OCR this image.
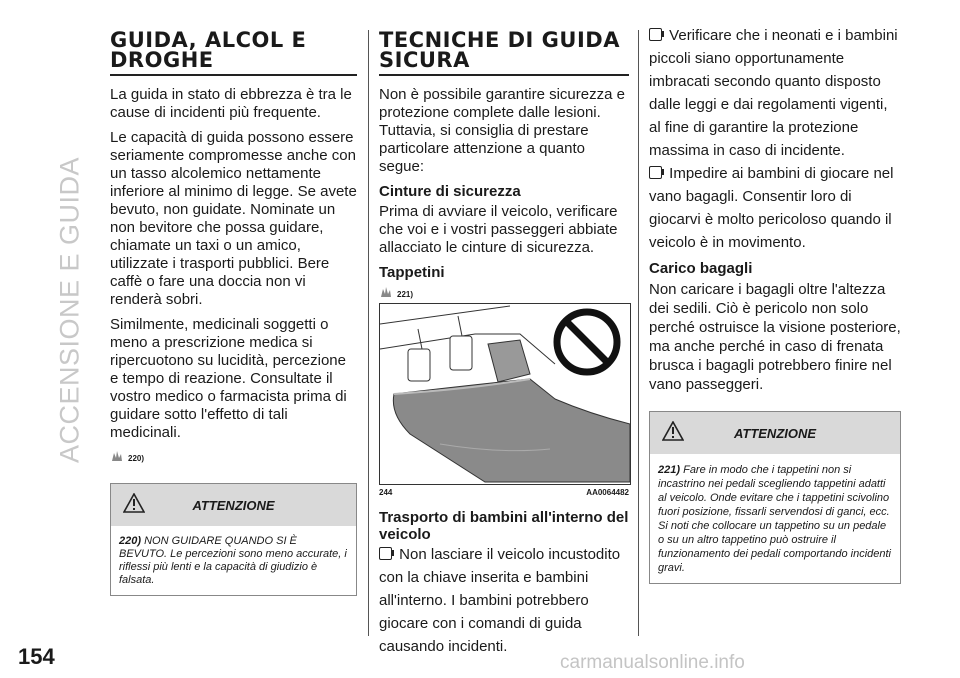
ACCENSIONE E GUIDA
154	carmanualsonline.info
GUIDA, ALCOL E DROGHE

La guida in stato di ebbrezza è tra le cause di incidenti più frequente.

Le capacità di guida possono essere seriamente compromesse anche con un tasso alcolemico nettamente inferiore al minimo di legge. Se avete bevuto, non guidate. Nominate un non bevitore che possa guidare, chiamate un taxi o un amico, utilizzate i trasporti pubblici. Bere caffè o fare una doccia non vi renderà sobri.

Similmente, medicinali soggetti o meno a prescrizione medica si ripercuotono su lucidità, percezione e tempo di reazione. Consultate il vostro medico o farmacista prima di guidare sotto l'effetto di tali medicinali.

220)
ATTENZIONE
220) NON GUIDARE QUANDO SI È BEVUTO. Le percezioni sono meno accurate, i riflessi più lenti e la capacità di giudizio è falsata.
TECNICHE DI GUIDA SICURA

Non è possibile garantire sicurezza e protezione complete dalle lesioni. Tuttavia, si consiglia di prestare particolare attenzione a quanto segue:

Cinture di sicurezza

Prima di avviare il veicolo, verificare che voi e i vostri passeggeri abbiate allacciato le cinture di sicurezza.

Tappetini
221)
244	AA0064482
Trasporto di bambini all'interno del veicolo
Non lasciare il veicolo incustodito con la chiave inserita e bambini all'interno. I bambini potrebbero giocare con i comandi di guida causando incidenti.
Verificare che i neonati e i bambini piccoli siano opportunamente imbracati secondo quanto disposto dalle leggi e dai regolamenti vigenti, al fine di garantire la protezione massima in caso di incidente.
Impedire ai bambini di giocare nel vano bagagli. Consentir loro di giocarvi è molto pericoloso quando il veicolo è in movimento.
Carico bagagli

Non caricare i bagagli oltre l'altezza dei sedili. Ciò è pericolo non solo perché ostruisce la visione posteriore, ma anche perché in caso di frenata brusca i bagagli potrebbero finire nel vano passeggeri.

ATTENZIONE
221) Fare in modo che i tappetini non si incastrino nei pedali scegliendo tappetini adatti al veicolo. Onde evitare che i tappetini scivolino fuori posizione, fissarli servendosi di ganci, ecc. Si noti che collocare un tappetino su un pedale o su un altro tappetino può ostruire il funzionamento dei pedali comportando incidenti gravi.
